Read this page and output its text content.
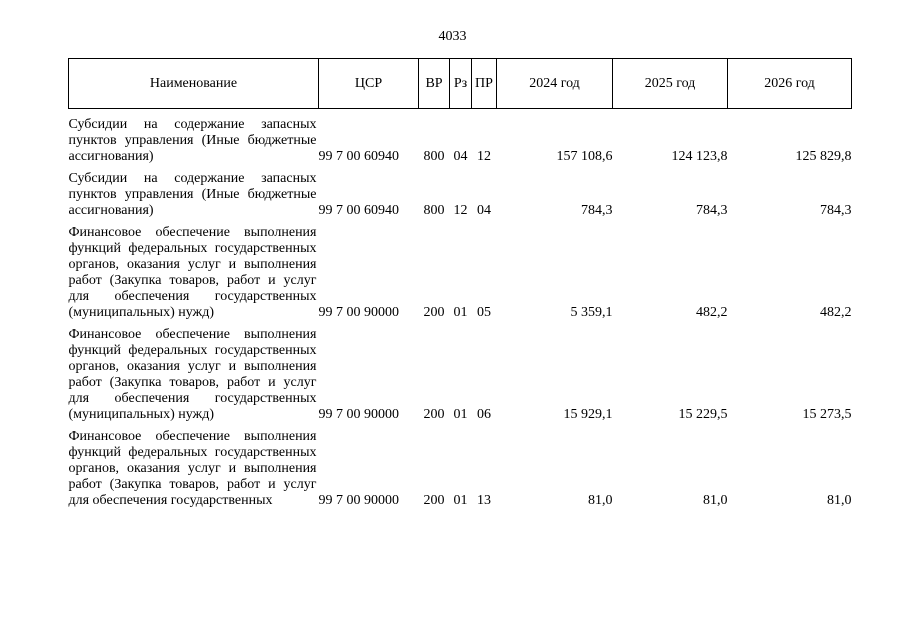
4033
Наименование	ЦСР	ВР	Рз	ПР	2024 год	2025 год	2026 год

Субсидии на содержание запасных пунктов управления (Иные бюджетные ассигнования)	99 7 00 60940	800	04	12	157 108,6	124 123,8	125 829,8
Субсидии на содержание запасных пунктов управления (Иные бюджетные ассигнования)	99 7 00 60940	800	12	04	784,3	784,3	784,3
Финансовое обеспечение выполнения функций федеральных государственных органов, оказания услуг и выполнения работ (Закупка товаров, работ и услуг для обеспечения государственных (муниципальных) нужд)	99 7 00 90000	200	01	05	5 359,1	482,2	482,2
Финансовое обеспечение выполнения функций федеральных государственных органов, оказания услуг и выполнения работ (Закупка товаров, работ и услуг для обеспечения государственных (муниципальных) нужд)	99 7 00 90000	200	01	06	15 929,1	15 229,5	15 273,5
Финансовое обеспечение выполнения функций федеральных государственных органов, оказания услуг и выполнения работ (Закупка товаров, работ и услуг для обеспечения государственных	99 7 00 90000	200	01	13	81,0	81,0	81,0
